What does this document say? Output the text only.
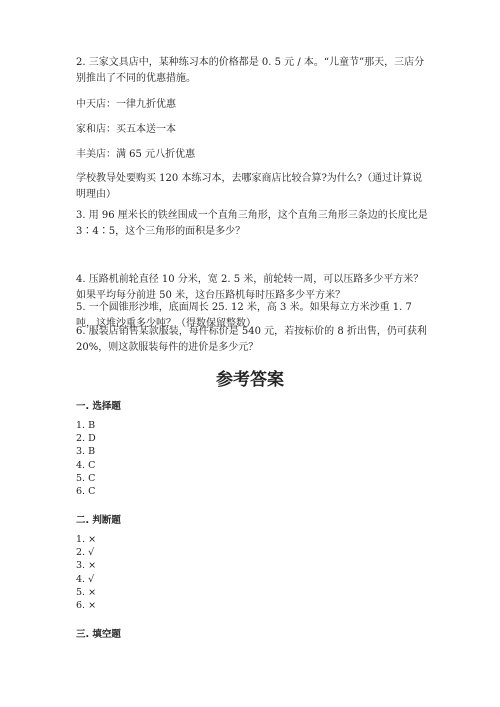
2. 三家文具店中，某种练习本的价格都是 0. 5 元 / 本。“儿童节”那天，三店分别推出了不同的优惠措施。

中天店：一律九折优惠

家和店：买五本送一本

丰美店：满 65 元八折优惠

学校教导处要购买 120 本练习本，去哪家商店比较合算?为什么?（通过计算说明理由）

3. 用 96 厘米长的铁丝围成一个直角三角形，这个直角三角形三条边的长度比是 3∶4∶5，这个三角形的面积是多少？

4. 压路机前轮直径 10 分米，宽 2. 5 米，前轮转一周，可以压路多少平方米？如果平均每分前进 50 米，这台压路机每时压路多少平方米？

5. 一个圆锥形沙堆，底面周长 25. 12 米，高 3 米。如果每立方米沙重 1. 7 吨，这堆沙重多少吨？（得数保留整数）

6. 服装店销售某款服装，每件标价是 540 元，若按标价的 8 折出售，仍可获利 20%，则这款服装每件的进价是多少元？

参考答案

一. 选择题

1. B
2. D
3. B
4. C
5. C
6. C

二. 判断题

1. ×
2. √
3. ×
4. √
5. ×
6. ×

三. 填空题
